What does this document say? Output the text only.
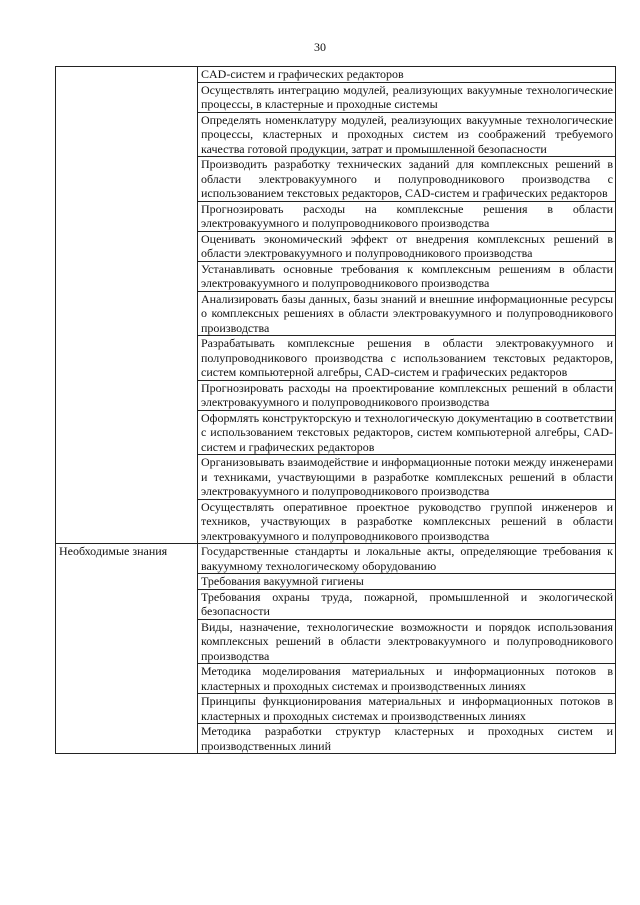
30
	CAD-систем и графических редакторов
	Осуществлять интеграцию модулей, реализующих вакуумные технологические процессы, в кластерные и проходные системы
	Определять номенклатуру модулей, реализующих вакуумные технологические процессы, кластерных и проходных систем из соображений требуемого качества готовой продукции, затрат и промышленной безопасности
	Производить разработку технических заданий для комплексных решений в области электровакуумного и полупроводникового производства с использованием текстовых редакторов, CAD-систем и графических редакторов
	Прогнозировать расходы на комплексные решения в области электровакуумного и полупроводникового производства
	Оценивать экономический эффект от внедрения комплексных решений в области электровакуумного и полупроводникового производства
	Устанавливать основные требования к комплексным решениям в области электровакуумного и полупроводникового производства
	Анализировать базы данных, базы знаний и внешние информационные ресурсы о комплексных решениях в области электровакуумного и полупроводникового производства
	Разрабатывать комплексные решения в области электровакуумного и полупроводникового производства с использованием текстовых редакторов, систем компьютерной алгебры, CAD-систем и графических редакторов
	Прогнозировать расходы на проектирование комплексных решений в области электровакуумного и полупроводникового производства
	Оформлять конструкторскую и технологическую документацию в соответствии с использованием текстовых редакторов, систем компьютерной алгебры, CAD-систем и графических редакторов
	Организовывать взаимодействие и информационные потоки между инженерами и техниками, участвующими в разработке комплексных решений в области электровакуумного и полупроводникового производства
	Осуществлять оперативное проектное руководство группой инженеров и техников, участвующих в разработке комплексных решений в области электровакуумного и полупроводникового производства
Необходимые знания	Государственные стандарты и локальные акты, определяющие требования к вакуумному технологическому оборудованию
	Требования вакуумной гигиены
	Требования охраны труда, пожарной, промышленной и экологической безопасности
	Виды, назначение, технологические возможности и порядок использования комплексных решений в области электровакуумного и полупроводникового производства
	Методика моделирования материальных и информационных потоков в кластерных и проходных системах и производственных линиях
	Принципы функционирования материальных и информационных потоков в кластерных и проходных системах и производственных линиях
	Методика разработки структур кластерных и проходных систем и производственных линий
